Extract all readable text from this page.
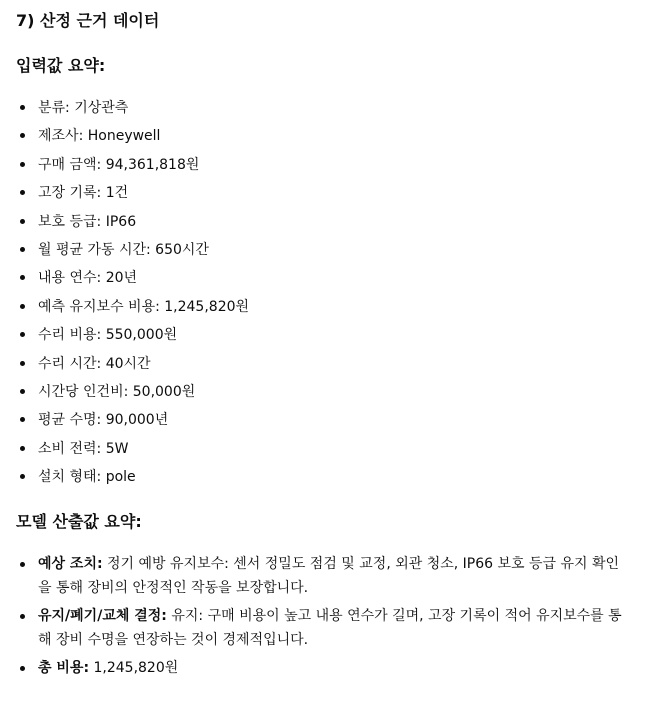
7) 산정 근거 데이터
입력값 요약:
분류: 기상관측
제조사: Honeywell
구매 금액: 94,361,818원
고장 기록: 1건
보호 등급: IP66
월 평균 가동 시간: 650시간
내용 연수: 20년
예측 유지보수 비용: 1,245,820원
수리 비용: 550,000원
수리 시간: 40시간
시간당 인건비: 50,000원
평균 수명: 90,000년
소비 전력: 5W
설치 형태: pole
모델 산출값 요약:
예상 조치: 정기 예방 유지보수: 센서 정밀도 점검 및 교정, 외관 청소, IP66 보호 등급 유지 확인을 통해 장비의 안정적인 작동을 보장합니다.
유지/폐기/교체 결정: 유지: 구매 비용이 높고 내용 연수가 길며, 고장 기록이 적어 유지보수를 통해 장비 수명을 연장하는 것이 경제적입니다.
총 비용: 1,245,820원
